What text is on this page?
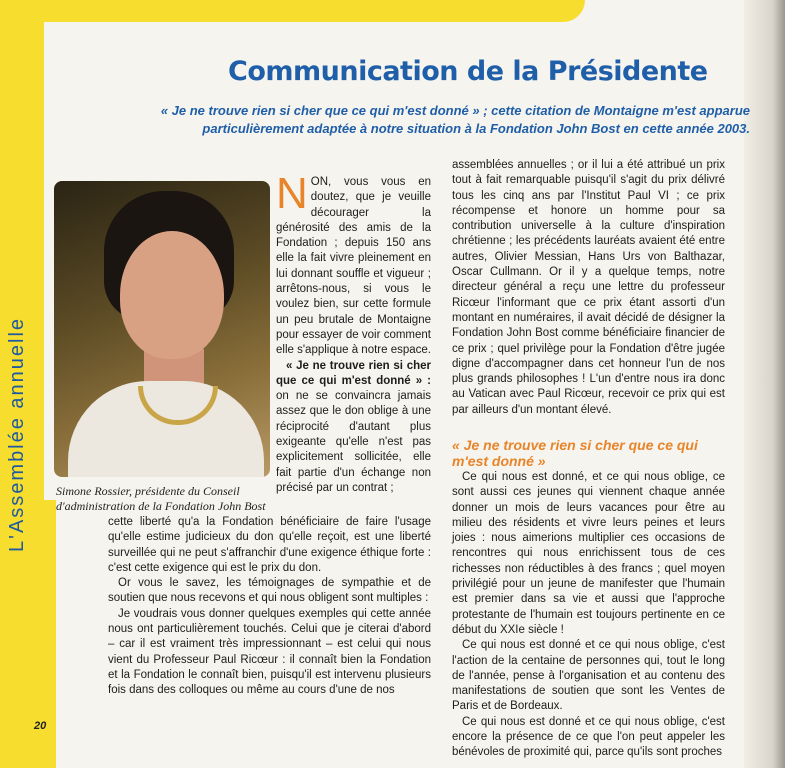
L'Assemblée annuelle
Communication de la Présidente
« Je ne trouve rien si cher que ce qui m'est donné » ; cette citation de Montaigne m'est apparue
particulièrement adaptée à notre situation à la Fondation John Bost en cette année 2003.
Simone Rossier, présidente du Conseil
d'administration de la Fondation John Bost
N ON, vous vous en doutez, que je veuille décourager la générosité des amis de la Fondation ; depuis 150 ans elle la fait vivre pleinement en lui donnant souffle et vigueur ; arrêtons-nous, si vous le voulez bien, sur cette formule un peu brutale de Montaigne pour essayer de voir comment elle s'applique à notre espace.

« Je ne trouve rien si cher que ce qui m'est donné » : on ne se convaincra jamais assez que le don oblige à une réciprocité d'autant plus exigeante qu'elle n'est pas explicitement sollicitée, elle fait partie d'un échange non précisé par un contrat ;

cette liberté qu'a la Fondation bénéficiaire de faire l'usage qu'elle estime judicieux du don qu'elle reçoit, est une liberté surveillée qui ne peut s'affranchir d'une exigence éthique forte : c'est cette exigence qui est le prix du don.

Or vous le savez, les témoignages de sympathie et de soutien que nous recevons et qui nous obligent sont multiples :

Je voudrais vous donner quelques exemples qui cette année nous ont particulièrement touchés. Celui que je citerai d'abord – car il est vraiment très impressionnant – est celui qui nous vient du Professeur Paul Ricœur : il connaît bien la Fondation et la Fondation le connaît bien, puisqu'il est intervenu plusieurs fois dans des colloques ou même au cours d'une de nos

assemblées annuelles ; or il lui a été attribué un prix tout à fait remarquable puisqu'il s'agit du prix délivré tous les cinq ans par l'Institut Paul VI ; ce prix récompense et honore un homme pour sa contribution universelle à la culture d'inspiration chrétienne ; les précédents lauréats avaient été entre autres, Olivier Messian, Hans Urs von Balthazar, Oscar Cullmann. Or il y a quelque temps, notre directeur général a reçu une lettre du professeur Ricœur l'informant que ce prix étant assorti d'un montant en numéraires, il avait décidé de désigner la Fondation John Bost comme bénéficiaire financier de ce prix ; quel privilège pour la Fondation d'être jugée digne d'accompagner dans cet honneur l'un de nos plus grands philosophes ! L'un d'entre nous ira donc au Vatican avec Paul Ricœur, recevoir ce prix qui est par ailleurs d'un montant élevé.

« Je ne trouve rien si cher que ce qui m'est donné »

Ce qui nous est donné, et ce qui nous oblige, ce sont aussi ces jeunes qui viennent chaque année donner un mois de leurs vacances pour être au milieu des résidents et vivre leurs peines et leurs joies : nous aimerions multiplier ces occasions de rencontres qui nous enrichissent tous de ces richesses non réductibles à des francs ; quel moyen privilégié pour un jeune de manifester que l'humain est premier dans sa vie et aussi que l'approche protestante de l'humain est toujours pertinente en ce début du XXIe siècle !

Ce qui nous est donné et ce qui nous oblige, c'est l'action de la centaine de personnes qui, tout le long de l'année, pense à l'organisation et au contenu des manifestations de soutien que sont les Ventes de Paris et de Bordeaux.

Ce qui nous est donné et ce qui nous oblige, c'est encore la présence de ce que l'on peut appeler les bénévoles de proximité qui, parce qu'ils sont proches

20
